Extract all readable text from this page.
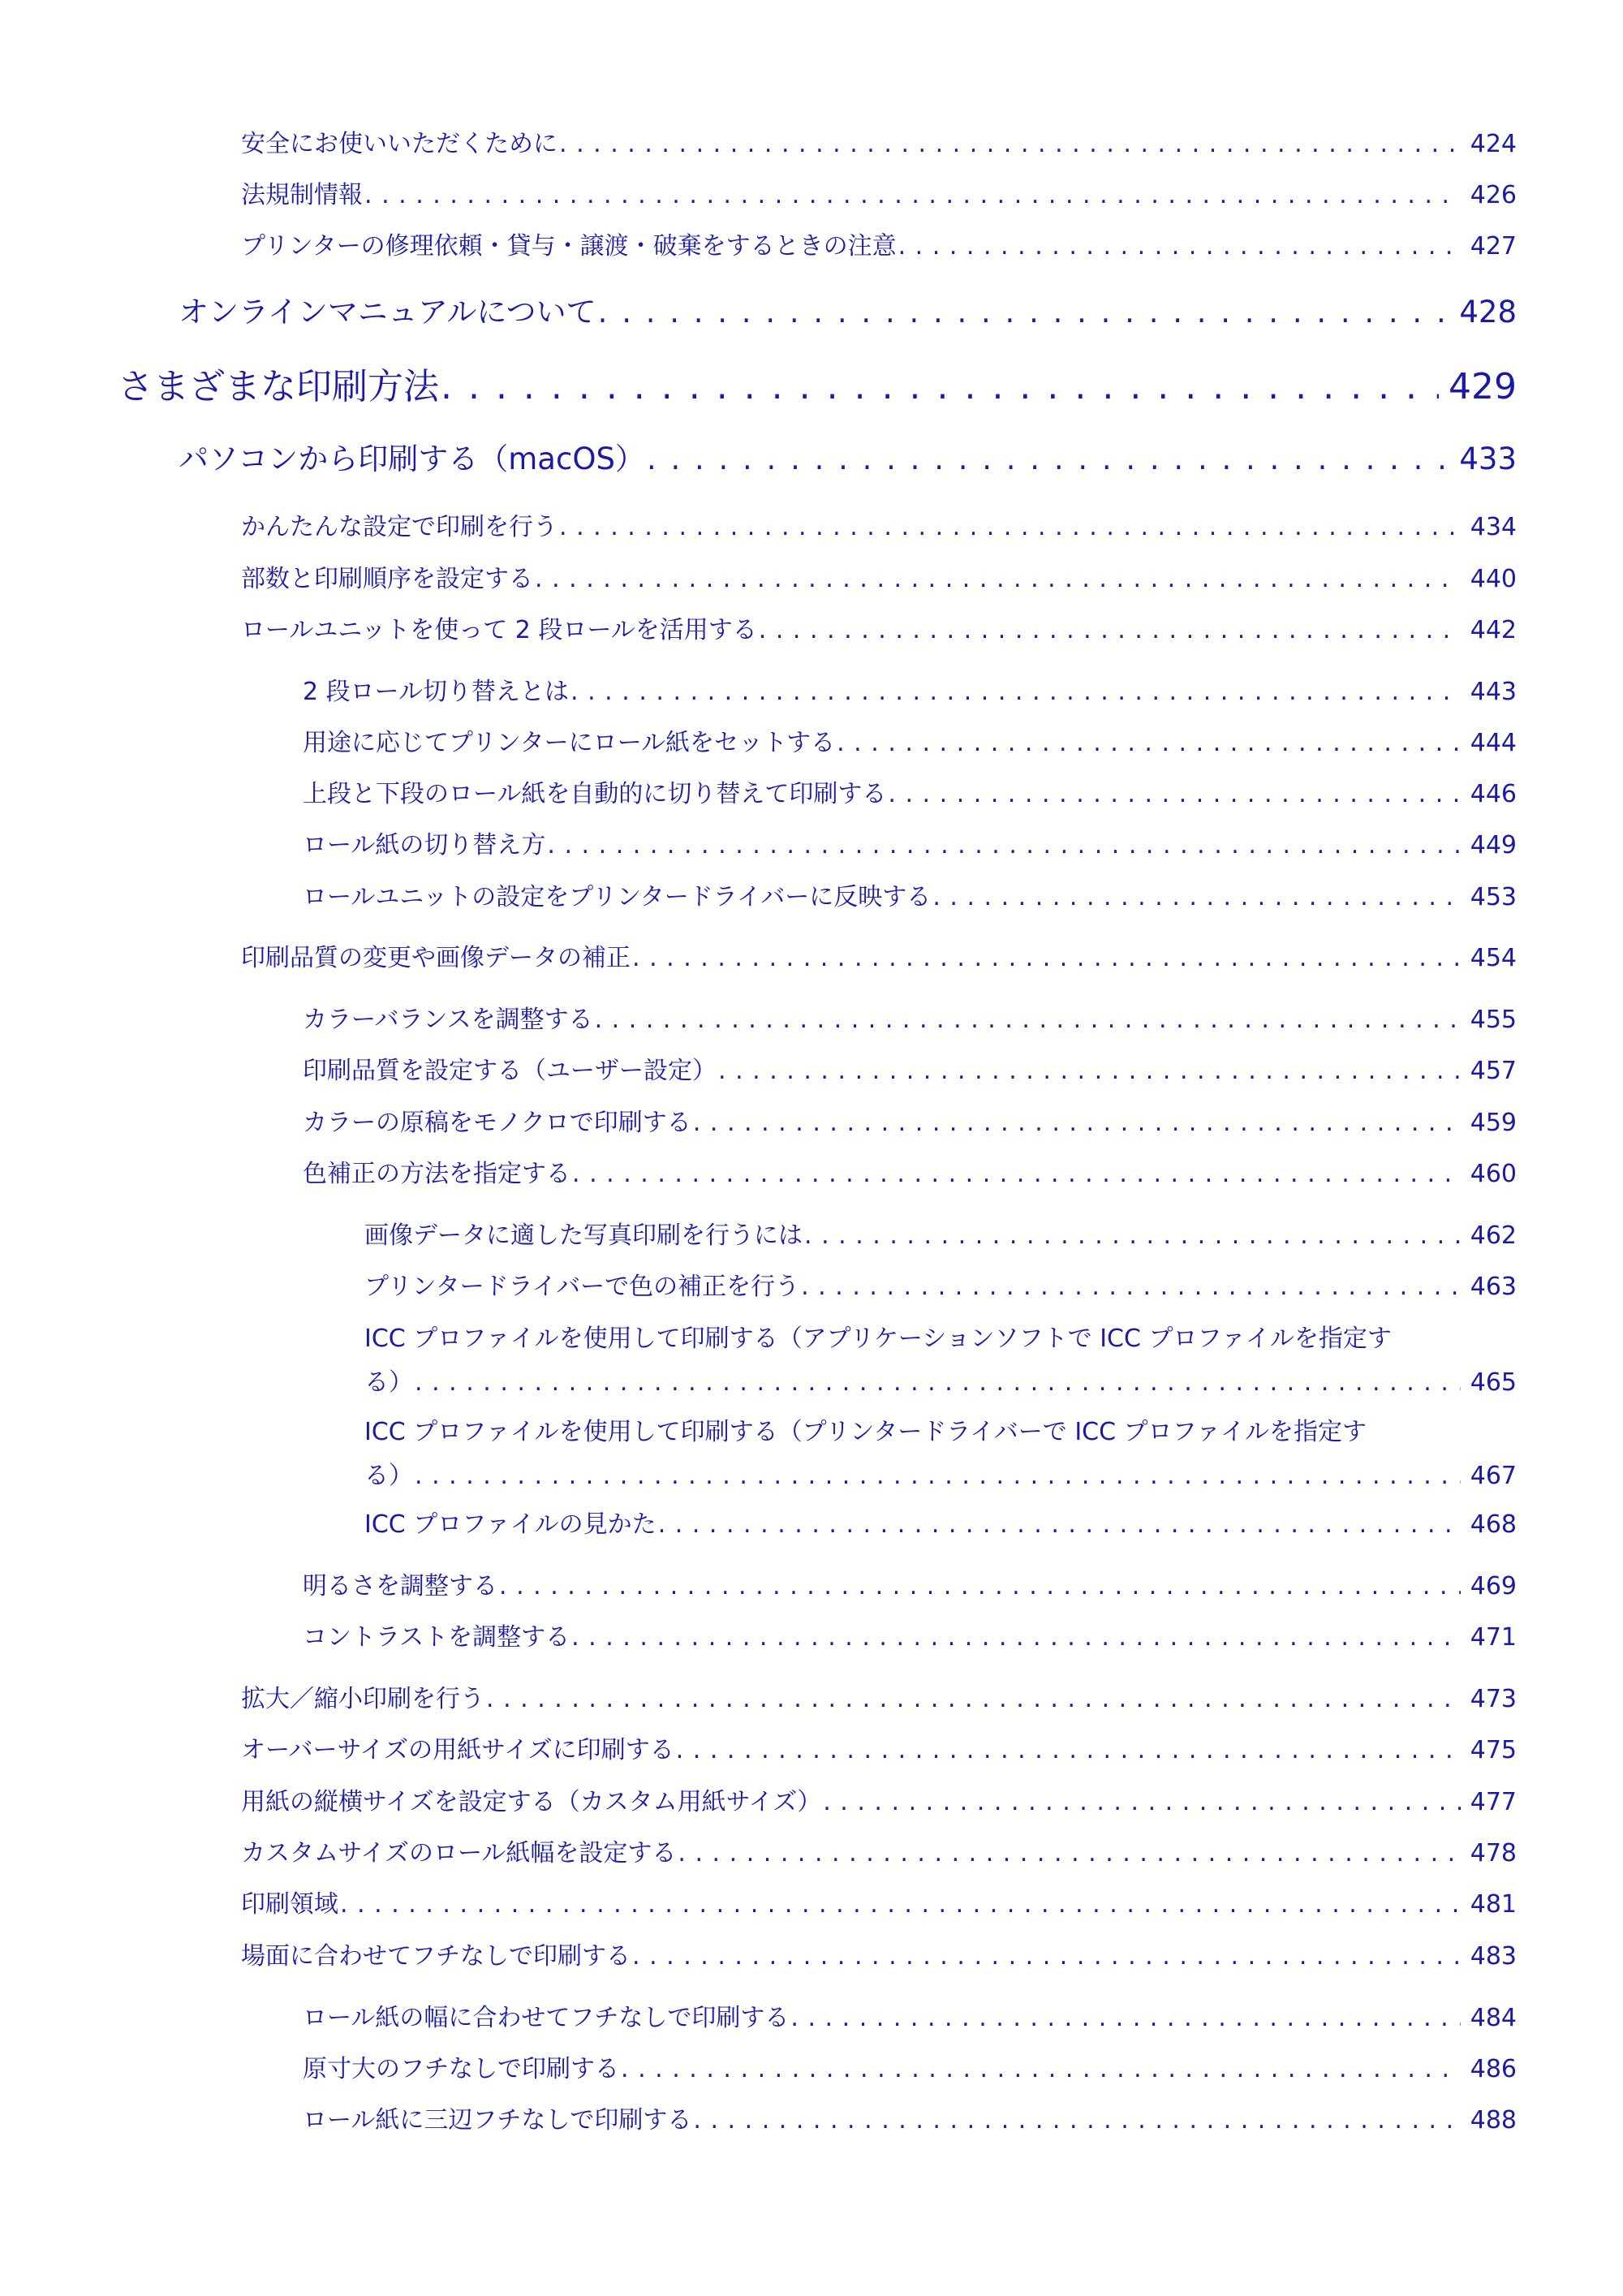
安全にお使いいただくために . . .	424
法規制情報 . . .	426
プリンターの修理依頼・貸与・譲渡・破棄をするときの注意 . . .	427
オンラインマニュアルについて . . .	428
さまざまな印刷方法 . . .	429
パソコンから印刷する（macOS） . . .	433
かんたんな設定で印刷を行う . . .	434
部数と印刷順序を設定する . . .	440
ロールユニットを使って 2 段ロールを活用する . . .	442
2 段ロール切り替えとは . . .	443
用途に応じてプリンターにロール紙をセットする . . .	444
上段と下段のロール紙を自動的に切り替えて印刷する . . .	446
ロール紙の切り替え方 . . .	449
ロールユニットの設定をプリンタードライバーに反映する . . .	453
印刷品質の変更や画像データの補正 . . .	454
カラーバランスを調整する . . .	455
印刷品質を設定する（ユーザー設定） . . .	457
カラーの原稿をモノクロで印刷する . . .	459
色補正の方法を指定する . . .	460
画像データに適した写真印刷を行うには . . .	462
プリンタードライバーで色の補正を行う . . .	463
ICC プロファイルを使用して印刷する（アプリケーションソフトで ICC プロファイルを指定す
る） . . .	465
ICC プロファイルを使用して印刷する（プリンタードライバーで ICC プロファイルを指定す
る） . . .	467
ICC プロファイルの見かた . . .	468
明るさを調整する . . .	469
コントラストを調整する . . .	471
拡大／縮小印刷を行う . . .	473
オーバーサイズの用紙サイズに印刷する . . .	475
用紙の縦横サイズを設定する（カスタム用紙サイズ） . . .	477
カスタムサイズのロール紙幅を設定する . . .	478
印刷領域 . . .	481
場面に合わせてフチなしで印刷する . . .	483
ロール紙の幅に合わせてフチなしで印刷する . . .	484
原寸大のフチなしで印刷する . . .	486
ロール紙に三辺フチなしで印刷する . . .	488
